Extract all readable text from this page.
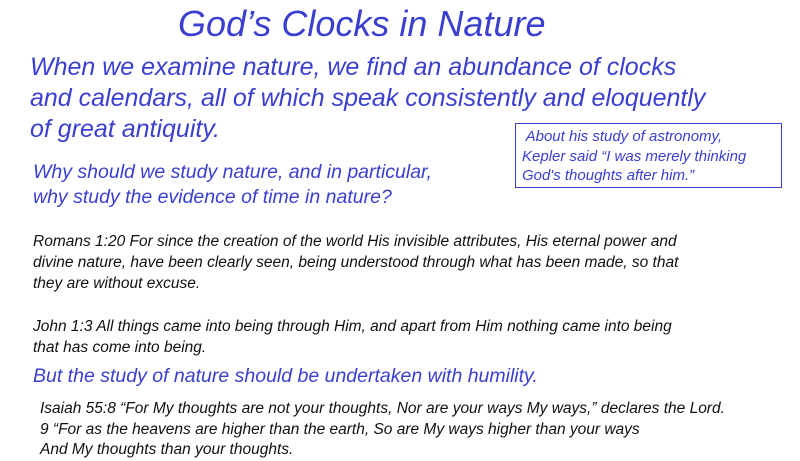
God’s Clocks in Nature
When we examine nature, we find an abundance of clocks
and calendars, all of which speak consistently and eloquently
of great antiquity.
Why should we study nature, and in particular,
why study the evidence of time in nature?
About his study of astronomy,
Kepler said “I was merely thinking
God's thoughts after him.”
Romans 1:20 For since the creation of the world His invisible attributes, His eternal power and
divine nature, have been clearly seen, being understood through what has been made, so that
they are without excuse.
John 1:3 All things came into being through Him, and apart from Him nothing came into being
that has come into being.
But the study of nature should be undertaken with humility.
Isaiah 55:8 “For My thoughts are not your thoughts, Nor are your ways My ways,” declares the Lord.
9 “For as the heavens are higher than the earth, So are My ways higher than your ways
And My thoughts than your thoughts.
